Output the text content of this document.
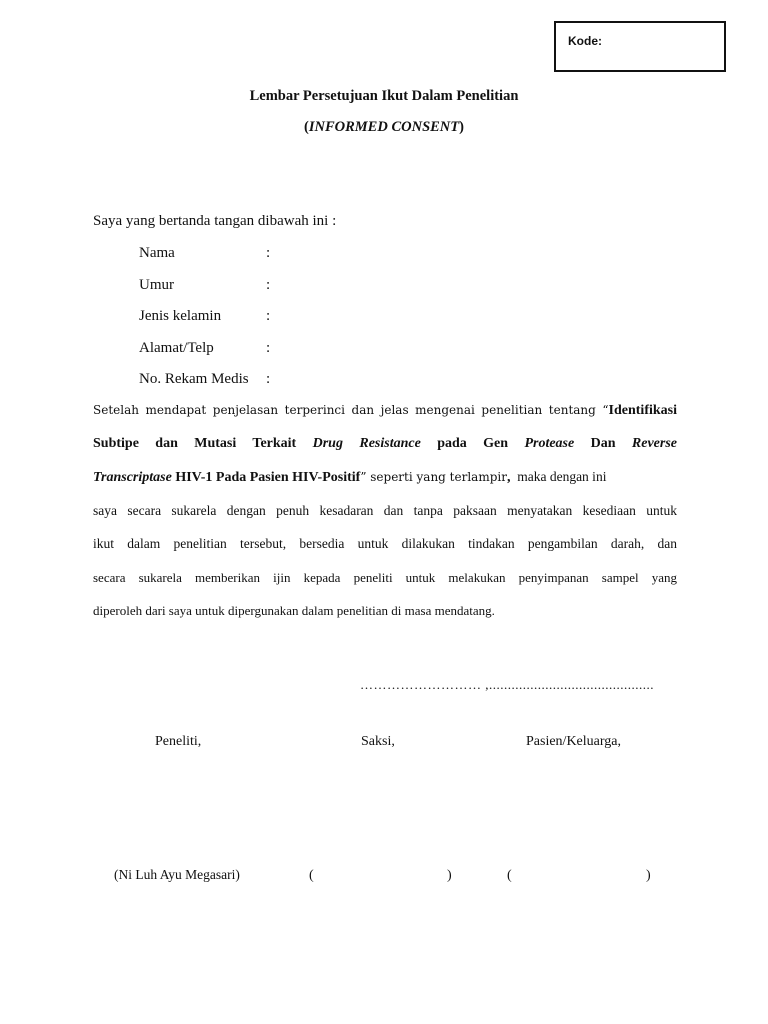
Kode:
Lembar Persetujuan Ikut Dalam Penelitian
(INFORMED CONSENT)
Saya yang bertanda tangan dibawah ini :
Nama	:
Umur	:
Jenis kelamin	:
Alamat/Telp	:
No. Rekam Medis :
Setelah mendapat penjelasan terperinci dan jelas mengenai penelitian tentang “Identifikasi
Subtipe dan Mutasi Terkait Drug Resistance pada Gen Protease Dan Reverse
Transcriptase HIV-1 Pada Pasien HIV-Positif” seperti yang terlampir,  maka dengan ini
saya secara sukarela dengan penuh kesadaran dan tanpa paksaan menyatakan kesediaan untuk
ikut dalam penelitian tersebut, bersedia untuk dilakukan tindakan pengambilan darah, dan
secara sukarela memberikan ijin kepada peneliti untuk melakukan penyimpanan sampel yang
diperoleh dari saya untuk dipergunakan dalam penelitian di masa mendatang.
……………………… ,............................................
Peneliti,	Saksi,	Pasien/Keluarga,
(Ni Luh Ayu Megasari)	(	)	(	)
